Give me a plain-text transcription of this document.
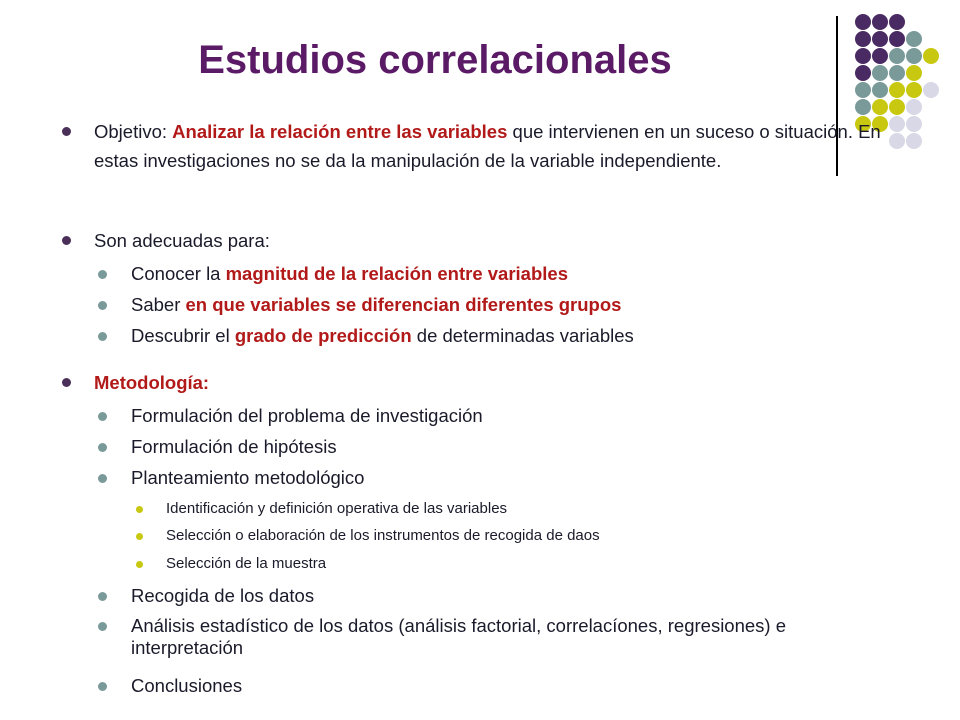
Estudios correlacionales
Objetivo: Analizar la relación entre las variables que intervienen en un suceso o situación. En estas investigaciones no se da la manipulación de la variable independiente.
Son adecuadas para:
Conocer la magnitud de la relación entre variables
Saber en que variables se diferencian diferentes grupos
Descubrir el grado de predicción de determinadas variables
Metodología:
Formulación del problema de investigación
Formulación de hipótesis
Planteamiento metodológico
Identificación y definición operativa de las variables
Selección o elaboración de los instrumentos de recogida de daos
Selección de la muestra
Recogida de los datos
Análisis estadístico de los datos (análisis factorial, correlacíones, regresiones) e interpretación
Conclusiones
